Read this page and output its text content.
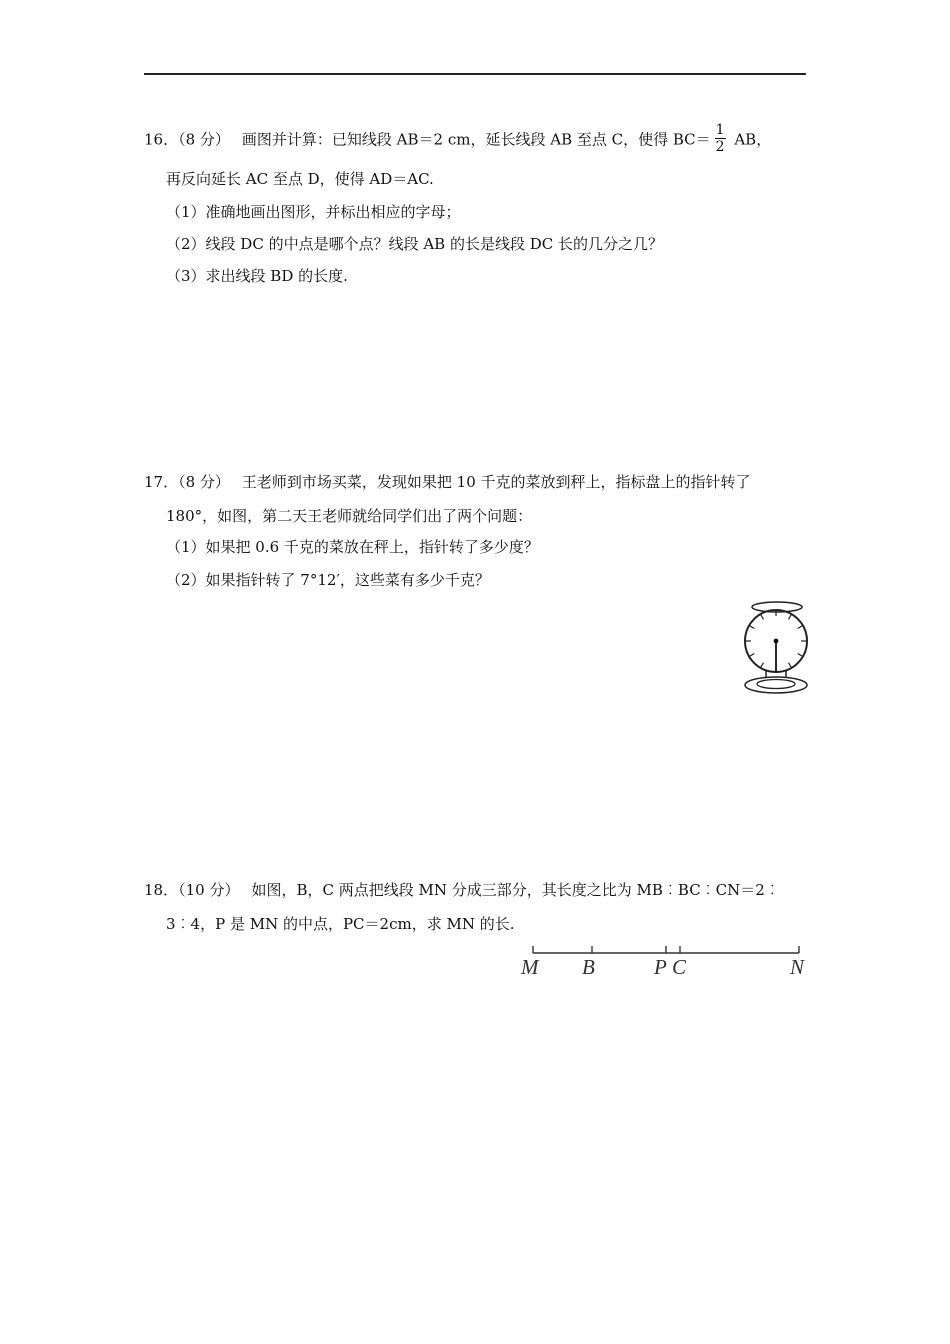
16．（8 分） 画图并计算：已知线段 AB＝2 cm，延长线段 AB 至点 C，使得 $BC= \frac{1}{2}$ AB，
再反向延长 AC 至点 D，使得 AD＝AC.
（1）准确地画出图形，并标出相应的字母；
（2）线段 DC 的中点是哪个点？线段 AB 的长是线段 DC 长的几分之几？
（3）求出线段 BD 的长度.
17．（8 分） 王老师到市场买菜，发现如果把 10 千克的菜放到秤上，指标盘上的指针转了
180°，如图，第二天王老师就给同学们出了两个问题：
（1）如果把 0.6 千克的菜放在秤上，指针转了多少度？
（2）如果指针转了 7°12′，这些菜有多少千克？
18．（10 分） 如图，B，C 两点把线段 MN 分成三部分，其长度之比为 MB︰BC︰CN＝2︰
3︰4，P 是 MN 的中点，PC＝2cm，求 MN 的长.
M B	P C	N
